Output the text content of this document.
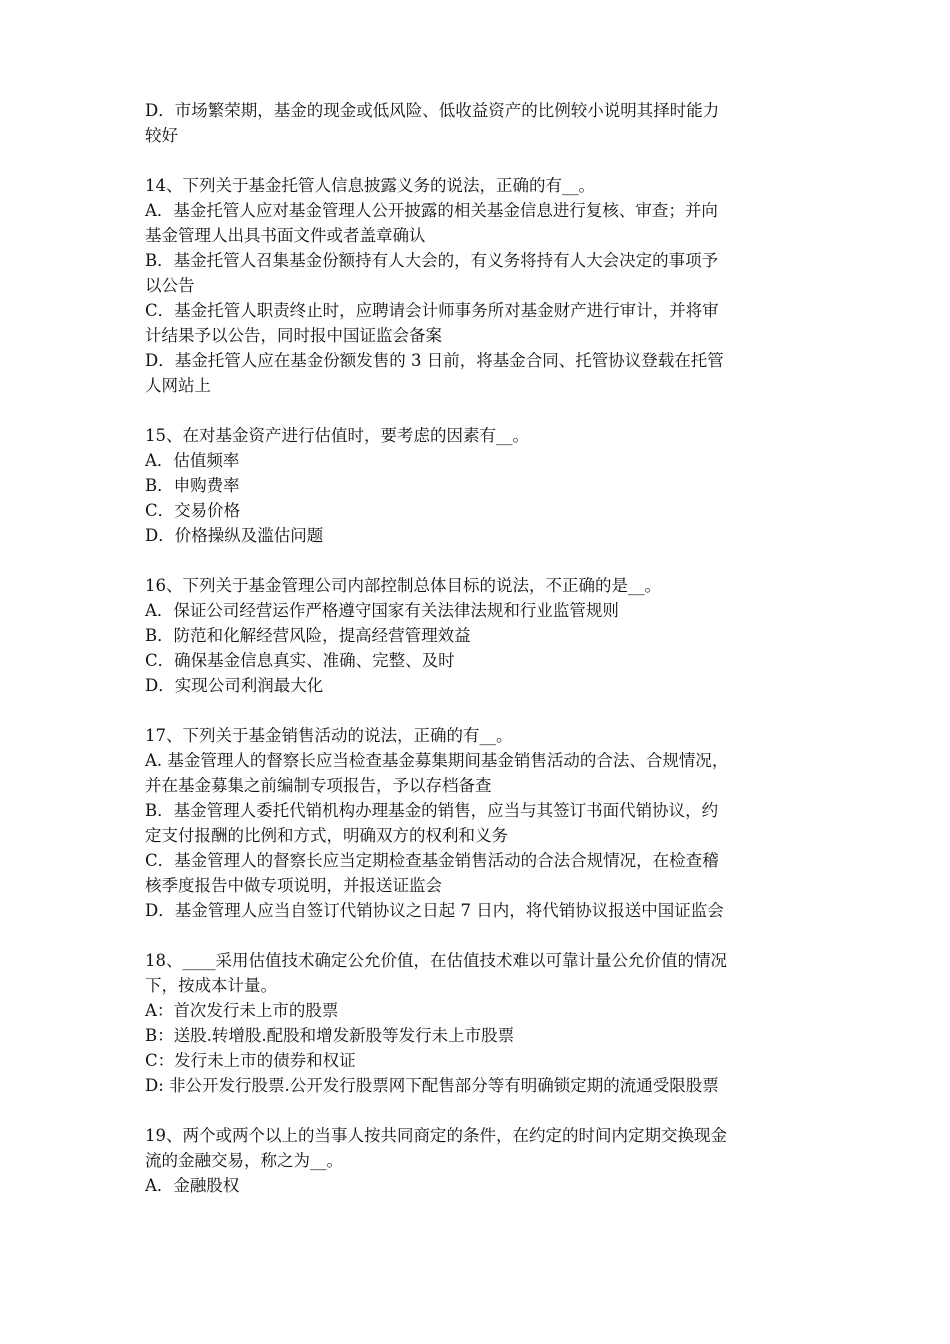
D．市场繁荣期，基金的现金或低风险、低收益资产的比例较小说明其择时能力
较好
14、下列关于基金托管人信息披露义务的说法，正确的有__。
A．基金托管人应对基金管理人公开披露的相关基金信息进行复核、审查；并向
基金管理人出具书面文件或者盖章确认
B．基金托管人召集基金份额持有人大会的，有义务将持有人大会决定的事项予
以公告
C．基金托管人职责终止时，应聘请会计师事务所对基金财产进行审计，并将审
计结果予以公告，同时报中国证监会备案
D．基金托管人应在基金份额发售的 3 日前，将基金合同、托管协议登载在托管
人网站上
15、在对基金资产进行估值时，要考虑的因素有__。
A．估值频率
B．申购费率
C．交易价格
D．价格操纵及滥估问题
16、下列关于基金管理公司内部控制总体目标的说法，不正确的是__。
A．保证公司经营运作严格遵守国家有关法律法规和行业监管规则
B．防范和化解经营风险，提高经营管理效益
C．确保基金信息真实、准确、完整、及时
D．实现公司利润最大化
17、下列关于基金销售活动的说法，正确的有__。
A. 基金管理人的督察长应当检查基金募集期间基金销售活动的合法、合规情况，
并在基金募集之前编制专项报告，予以存档备查
B．基金管理人委托代销机构办理基金的销售，应当与其签订书面代销协议，约
定支付报酬的比例和方式，明确双方的权利和义务
C．基金管理人的督察长应当定期检查基金销售活动的合法合规情况，在检查稽
核季度报告中做专项说明，并报送证监会
D．基金管理人应当自签订代销协议之日起 7 日内，将代销协议报送中国证监会
18、____采用估值技术确定公允价值，在估值技术难以可靠计量公允价值的情况
下，按成本计量。
A：首次发行未上市的股票
B：送股.转增股.配股和增发新股等发行未上市股票
C：发行未上市的债券和权证
D: 非公开发行股票.公开发行股票网下配售部分等有明确锁定期的流通受限股票
19、两个或两个以上的当事人按共同商定的条件，在约定的时间内定期交换现金
流的金融交易，称之为__。
A．金融股权
